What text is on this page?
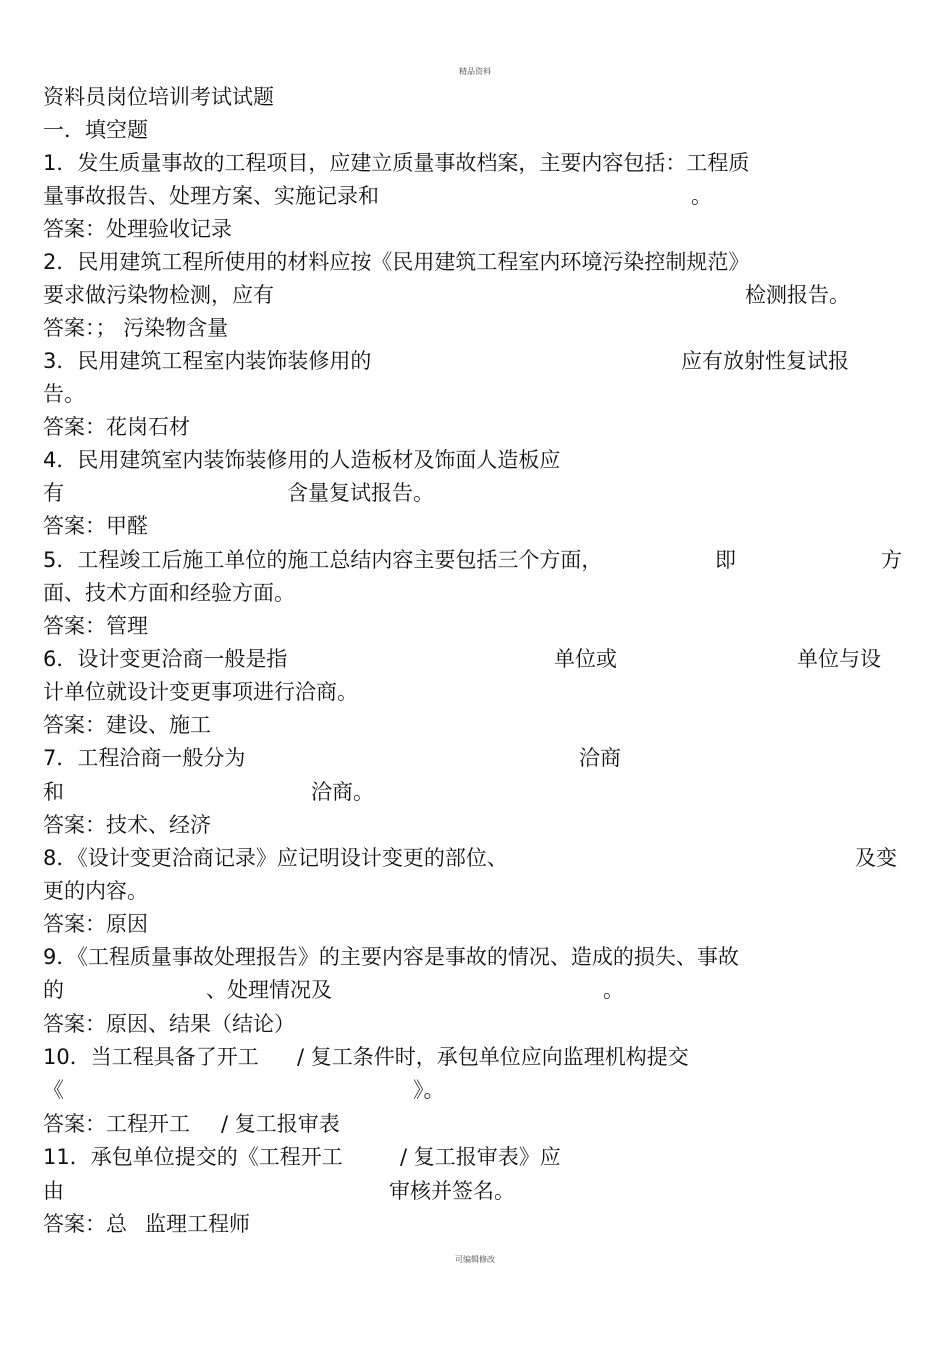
精品资料
资料员岗位培训考试试题
一．填空题
1．发生质量事故的工程项目，应建立质量事故档案，主要内容包括：工程质
量事故报告、处理方案、实施记录和	。
答案：处理验收记录
2．民用建筑工程所使用的材料应按《民用建筑工程室内环境污染控制规范》
要求做污染物检测，应有	检测报告。
答案：； 污染物含量
3．民用建筑工程室内装饰装修用的	应有放射性复试报
告。
答案：花岗石材
4．民用建筑室内装饰装修用的人造板材及饰面人造板应
有	含量复试报告。
答案：甲醛
5．工程竣工后施工单位的施工总结内容主要包括三个方面，	即	方
面、技术方面和经验方面。
答案：管理
6．设计变更洽商一般是指	单位或	单位与设
计单位就设计变更事项进行洽商。
答案：建设、施工
7．工程洽商一般分为	洽商
和	洽商。
答案：技术、经济
8．《设计变更洽商记录》应记明设计变更的部位、	及变
更的内容。
答案：原因
9．《工程质量事故处理报告》的主要内容是事故的情况、造成的损失、事故
的	、处理情况及	。
答案：原因、结果（结论）
10．当工程具备了开工 / 复工条件时，承包单位应向监理机构提交
《	》。
答案：工程开工 / 复工报审表
11．承包单位提交的《工程开工	/ 复工报审表》应
由	审核并签名。
答案：总 监理工程师
可编辑修改
